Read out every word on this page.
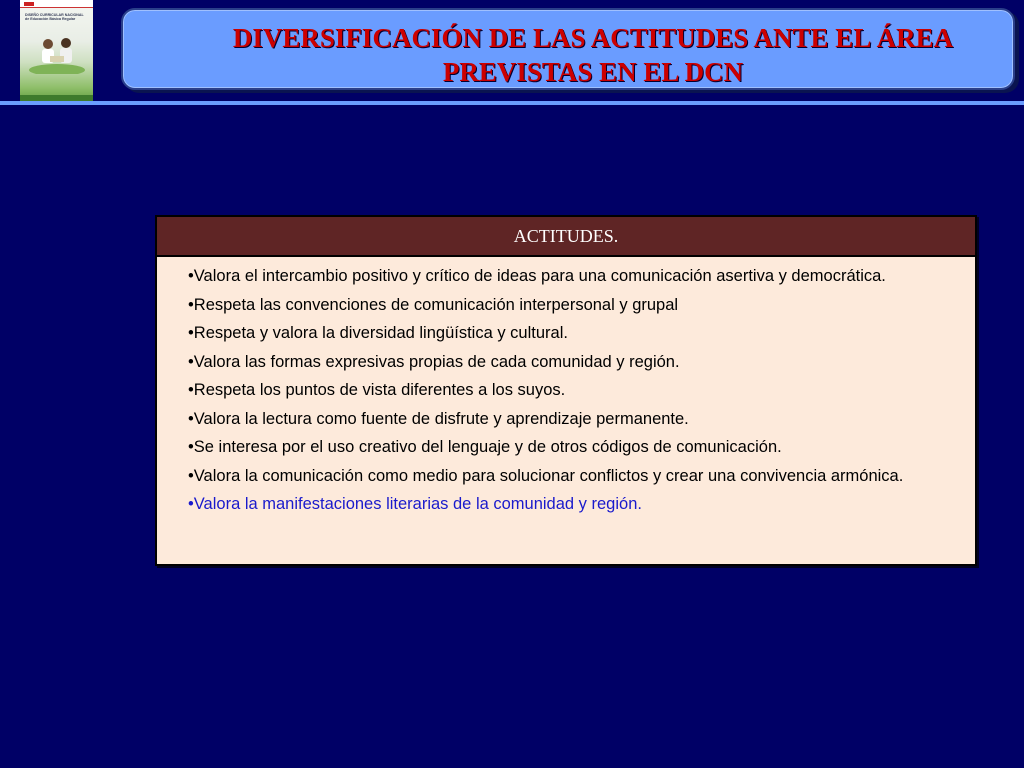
DISEÑO CURRICULAR NACIONAL
de Educación Básica Regular
DIVERSIFICACIÓN DE LAS ACTITUDES ANTE EL ÁREA PREVISTAS EN EL DCN
ACTITUDES.
•Valora el intercambio positivo y crítico de ideas para una comunicación asertiva y democrática.
•Respeta las convenciones de comunicación interpersonal y grupal
•Respeta y valora la diversidad lingüística y cultural.
•Valora las formas expresivas propias de cada comunidad y región.
•Respeta los puntos de vista diferentes a los suyos.
•Valora la lectura como fuente de disfrute y aprendizaje permanente.
•Se interesa por el uso creativo del lenguaje y de otros códigos de comunicación.
•Valora la comunicación como medio para solucionar conflictos y crear una convivencia armónica.
•Valora la manifestaciones literarias de la comunidad y región.
